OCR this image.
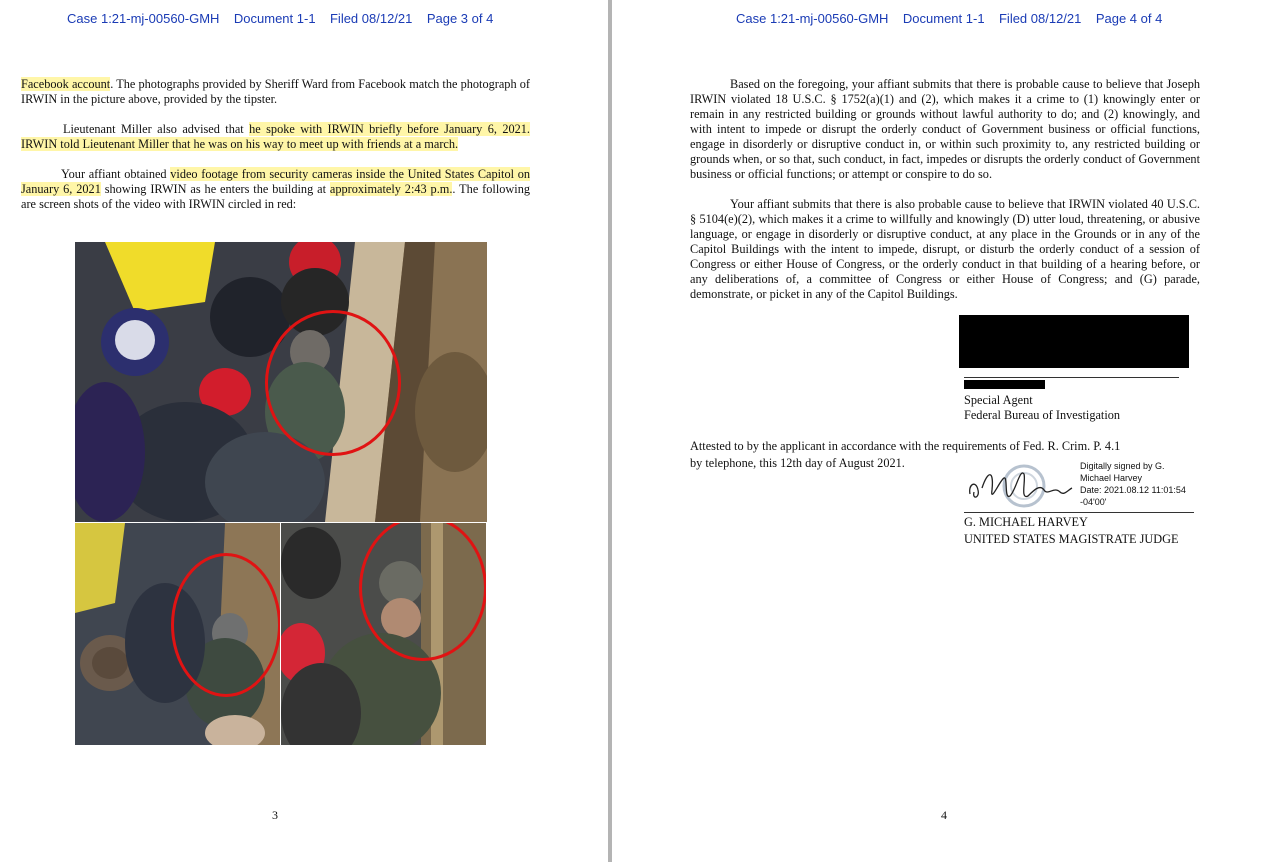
Case 1:21-mj-00560-GMH    Document 1-1    Filed 08/12/21    Page 3 of 4

Facebook account. The photographs provided by Sheriff Ward from Facebook match the photograph of IRWIN in the picture above, provided by the tipster.

Lieutenant Miller also advised that he spoke with IRWIN briefly before January 6, 2021. IRWIN told Lieutenant Miller that he was on his way to meet up with friends at a march.

Your affiant obtained video footage from security cameras inside the United States Capitol on January 6, 2021 showing IRWIN as he enters the building at approximately 2:43 p.m.. The following are screen shots of the video with IRWIN circled in red:

3
Case 1:21-mj-00560-GMH    Document 1-1    Filed 08/12/21    Page 4 of 4

Based on the foregoing, your affiant submits that there is probable cause to believe that Joseph IRWIN violated 18 U.S.C. § 1752(a)(1) and (2), which makes it a crime to (1) knowingly enter or remain in any restricted building or grounds without lawful authority to do; and (2) knowingly, and with intent to impede or disrupt the orderly conduct of Government business or official functions, engage in disorderly or disruptive conduct in, or within such proximity to, any restricted building or grounds when, or so that, such conduct, in fact, impedes or disrupts the orderly conduct of Government business or official functions; or attempt or conspire to do so.

Your affiant submits that there is also probable cause to believe that IRWIN violated 40 U.S.C. § 5104(e)(2), which makes it a crime to willfully and knowingly (D) utter loud, threatening, or abusive language, or engage in disorderly or disruptive conduct, at any place in the Grounds or in any of the Capitol Buildings with the intent to impede, disrupt, or disturb the orderly conduct of a session of Congress or either House of Congress, or the orderly conduct in that building of a hearing before, or any deliberations of, a committee of Congress or either House of Congress; and (G) parade, demonstrate, or picket in any of the Capitol Buildings.

Special Agent
Federal Bureau of Investigation
Attested to by the applicant in accordance with the requirements of Fed. R. Crim. P. 4.1
by telephone, this 12th day of August 2021.	Digitally signed by G.
Michael Harvey
Date: 2021.08.12 11:01:54
-04'00'
G. MICHAEL HARVEY
UNITED STATES MAGISTRATE JUDGE
4
